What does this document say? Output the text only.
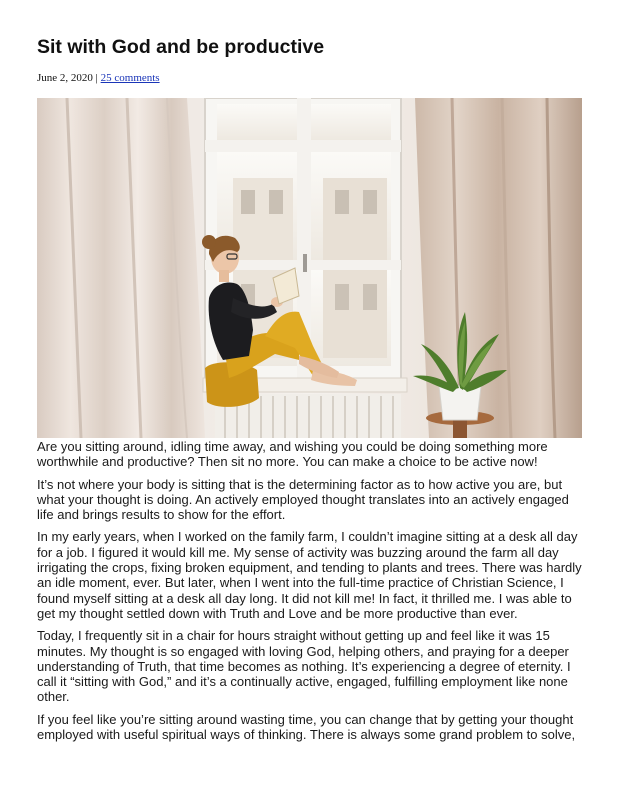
Sit with God and be productive
June 2, 2020 | 25 comments

Are you sitting around, idling time away, and wishing you could be doing something more worthwhile and productive? Then sit no more. You can make a choice to be active now!

It’s not where your body is sitting that is the determining factor as to how active you are, but what your thought is doing. An actively employed thought translates into an actively engaged life and brings results to show for the effort.

In my early years, when I worked on the family farm, I couldn’t imagine sitting at a desk all day for a job. I figured it would kill me. My sense of activity was buzzing around the farm all day irrigating the crops, fixing broken equipment, and tending to plants and trees. There was hardly an idle moment, ever. But later, when I went into the full-time practice of Christian Science, I found myself sitting at a desk all day long. It did not kill me! In fact, it thrilled me. I was able to get my thought settled down with Truth and Love and be more productive than ever.

Today, I frequently sit in a chair for hours straight without getting up and feel like it was 15 minutes. My thought is so engaged with loving God, helping others, and praying for a deeper understanding of Truth, that time becomes as nothing. It’s experiencing a degree of eternity. I call it “sitting with God,” and it’s a continually active, engaged, fulfilling employment like none other.

If you feel like you’re sitting around wasting time, you can change that by getting your thought employed with useful spiritual ways of thinking. There is always some grand problem to solve,
